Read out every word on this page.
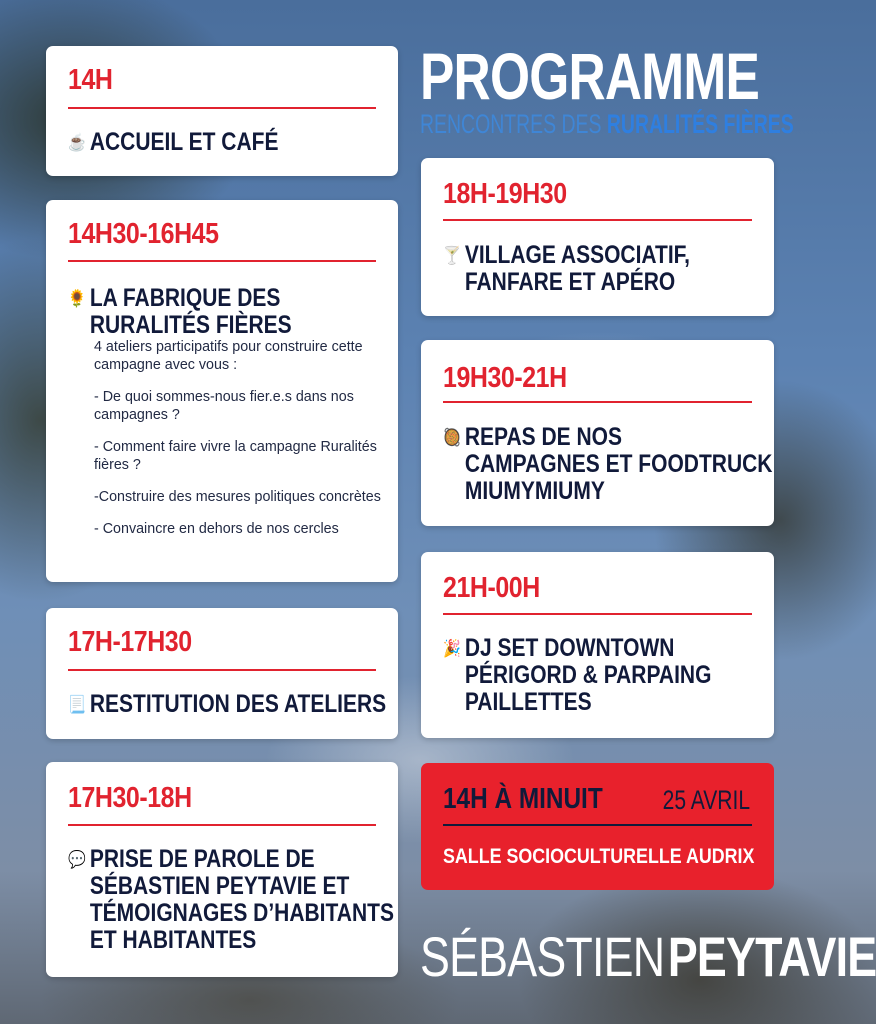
PROGRAMME
RENCONTRES DES RURALITÉS FIÈRES
14H
☕ ACCUEIL ET CAFÉ
14H30-16H45
🌻 LA FABRIQUE DES
RURALITÉS FIÈRES

4 ateliers participatifs pour construire cette campagne avec vous :

- De quoi sommes-nous fier.e.s dans nos campagnes ?

- Comment faire vivre la campagne Ruralités fières ?

-Construire des mesures politiques concrètes

- Convaincre en dehors de nos cercles

17H-17H30
📃 RESTITUTION DES ATELIERS
17H30-18H
💬 PRISE DE PAROLE DE
SÉBASTIEN PEYTAVIE ET
TÉMOIGNAGES D’HABITANTS
ET HABITANTES
18H-19H30
🍸 VILLAGE ASSOCIATIF,
FANFARE ET APÉRO
19H30-21H
🥘 REPAS DE NOS
CAMPAGNES ET FOODTRUCK
MIUMYMIUMY
21H-00H
🎉 DJ SET DOWNTOWN
PÉRIGORD & PARPAING
PAILLETTES
14H À MINUIT 25 AVRIL
SALLE SOCIOCULTURELLE AUDRIX
SÉBASTIEN PEYTAVIE
